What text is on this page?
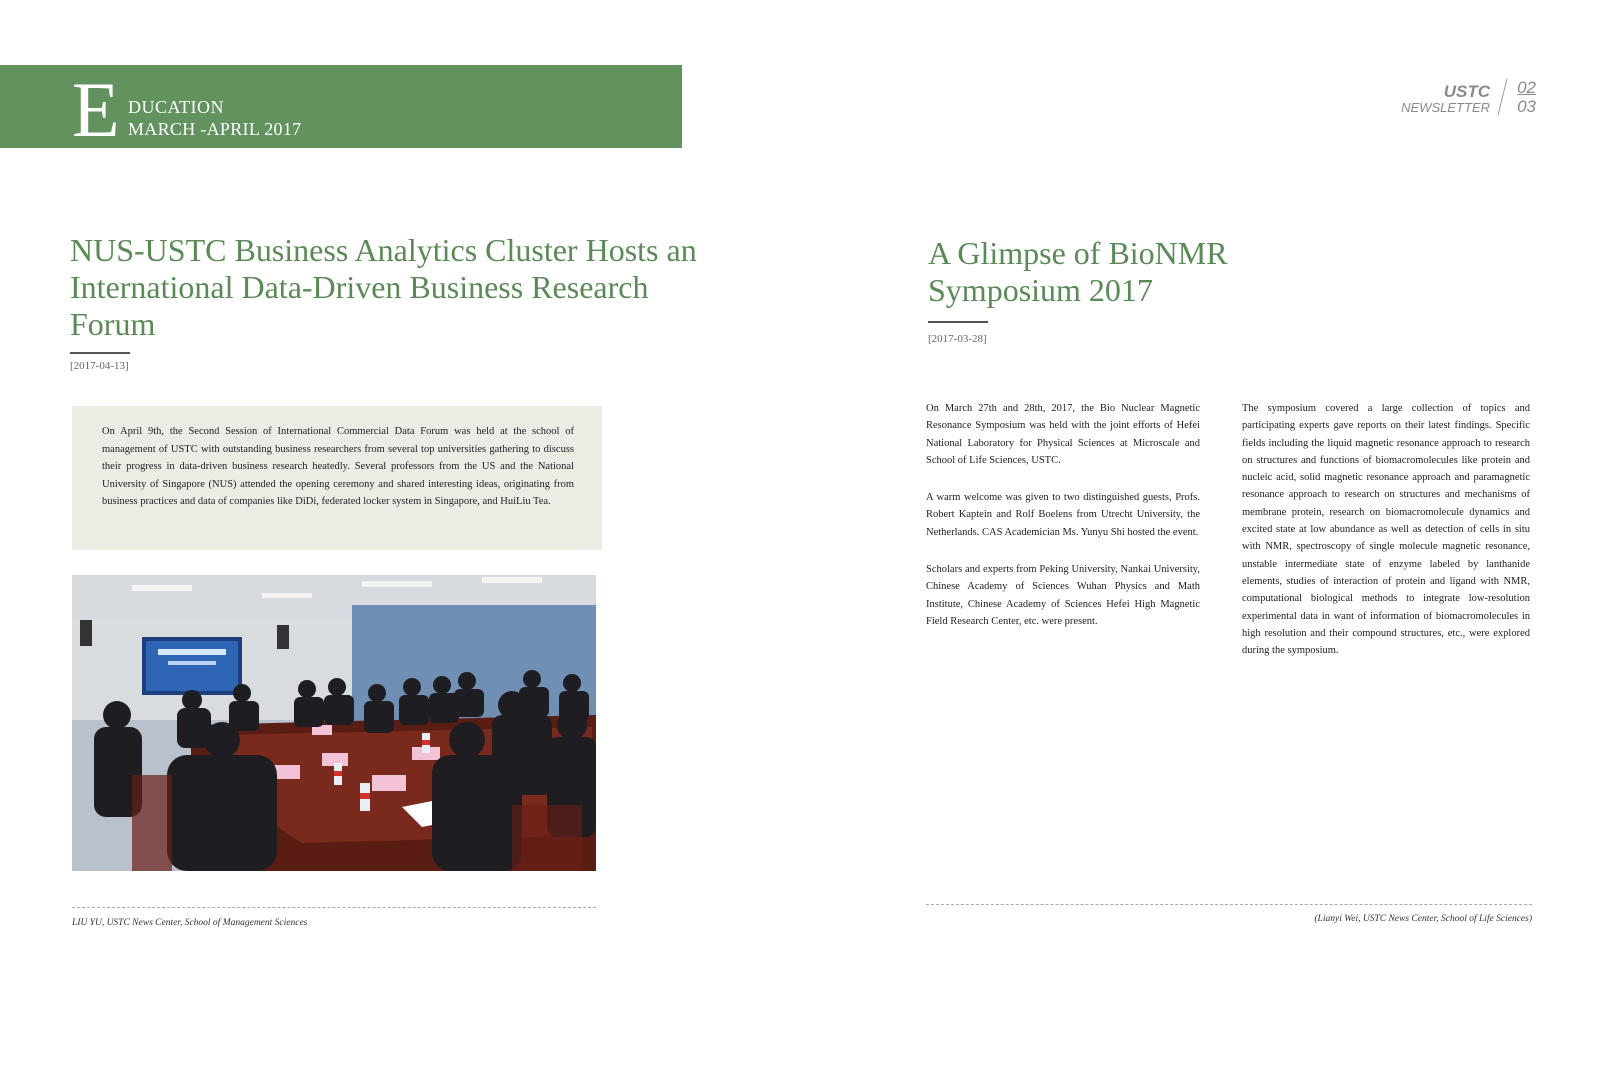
E DUCATION
MARCH -APRIL 2017
USTC
NEWSLETTER
02
03
NUS-USTC Business Analytics Cluster Hosts an International Data-Driven Business Research Forum
[2017-04-13]
On April 9th, the Second Session of International Commercial Data Forum was held at the school of management of USTC with outstanding business researchers from several top universities gathering to discuss their progress in data-driven business research heatedly. Several professors from the US and the National University of Singapore (NUS) attended the opening ceremony and shared interesting ideas, originating from business practices and data of companies like DiDi, federated locker system in Singapore, and HuiLiu Tea.
LIU YU, USTC News Center, School of Management Sciences
A Glimpse of BioNMR Symposium 2017
[2017-03-28]

On March 27th and 28th, 2017, the Bio Nuclear Magnetic Resonance Symposium was held with the joint efforts of Hefei National Laboratory for Physical Sciences at Microscale and School of Life Sciences, USTC.

A warm welcome was given to two distinguished guests, Profs. Robert Kaptein and Rolf Boelens from Utrecht University, the Netherlands. CAS Academician Ms. Yunyu Shi hosted the event.

Scholars and experts from Peking University, Nankai University, Chinese Academy of Sciences Wuhan Physics and Math Institute, Chinese Academy of Sciences Hefei High Magnetic Field Research Center, etc. were present.

The symposium covered a large collection of topics and participating experts gave reports on their latest findings. Specific fields including the liquid magnetic resonance approach to research on structures and functions of biomacromolecules like protein and nucleic acid, solid magnetic resonance approach and paramagnetic resonance approach to research on structures and mechanisms of membrane protein, research on biomacromolecule dynamics and excited state at low abundance as well as detection of cells in situ with NMR, spectroscopy of single molecule magnetic resonance, unstable intermediate state of enzyme labeled by lanthanide elements, studies of interaction of protein and ligand with NMR, computational biological methods to integrate low-resolution experimental data in want of information of biomacromolecules in high resolution and their compound structures, etc., were explored during the symposium.

(Lianyi Wei, USTC News Center, School of Life Sciences)
